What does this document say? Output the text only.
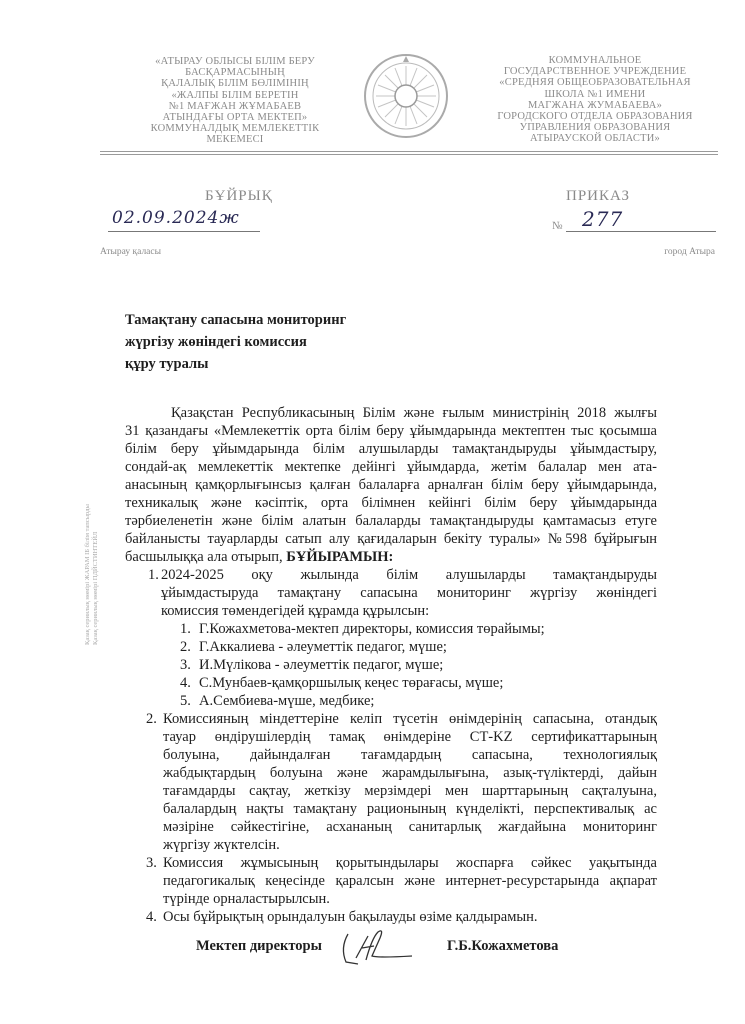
«АТЫРАУ ОБЛЫСЫ БІЛІМ БЕРУ
БАСҚАРМАСЫНЫҢ
ҚАЛАЛЫҚ БІЛІМ БӨЛІМІНІҢ
«ЖАЛПЫ БІЛІМ БЕРЕТІН
№1 МАҒЖАН ЖҰМАБАЕВ
АТЫНДАҒЫ ОРТА МЕКТЕП»
КОММУНАЛДЫҚ МЕМЛЕКЕТТІК
МЕКЕМЕСІ
КОММУНАЛЬНОЕ
ГОСУДАРСТВЕННОЕ УЧРЕЖДЕНИЕ
«СРЕДНЯЯ ОБЩЕОБРАЗОВАТЕЛЬНАЯ
ШКОЛА №1 ИМЕНИ
МАГЖАНА ЖУМАБАЕВА»
ГОРОДСКОГО ОТДЕЛА ОБРАЗОВАНИЯ
УПРАВЛЕНИЯ ОБРАЗОВАНИЯ
АТЫРАУСКОЙ ОБЛАСТИ»
БҰЙРЫҚ	ПРИКАЗ
02.09.2024ж	№ 277
Атырау қаласы	город Атыра
Қазақ сериялық нөмірі ЖАРАМ ІБ білім тапсырды Қазақ сериялық нөмірі ПДЙСТИНТЕЙЛ
Тамақтану сапасына мониторинг
жүргізу жөніндегі комиссия
құру туралы
Қазақстан Республикасының Білім және ғылым министрінің 2018 жылғы
31 қазандағы «Мемлекеттік орта білім беру ұйымдарында мектептен тыс қосымша
білім беру ұйымдарында білім алушыларды тамақтандыруды ұйымдастыру,
сондай-ақ мемлекеттік мектепке дейінгі ұйымдарда, жетім балалар мен ата-
анасының қамқорлығынсыз қалған балаларға арналған білім беру ұйымдарында,
техникалық және кәсіптік, орта білімнен кейінгі білім беру ұйымдарында
тәрбиеленетін және білім алатын балаларды тамақтандыруды қамтамасыз етуге
байланысты тауарларды сатып алу қағидаларын бекіту туралы» №598 бұйрығын
басшылыққа ала отырып, БҰЙЫРАМЫН:
1. 2024-2025 оқу жылында білім алушыларды тамақтандыруды
ұйымдастыруда тамақтану сапасына мониторинг жүргізу жөніндегі
комиссия төмендегідей құрамда құрылсын:
1. Г.Кожахметова-мектеп директоры, комиссия төрайымы;
2. Г.Аккалиева - әлеуметтік педагог, мүше;
3. И.Мүлікова - әлеуметтік педагог, мүше;
4. С.Мунбаев-қамқоршылық кеңес төрағасы, мүше;
5. А.Сембиева-мүше, медбике;
2. Комиссияның міндеттеріне келіп түсетін өнімдерінің сапасына, отандық
тауар өндірушілердің тамақ өнімдеріне СТ-KZ сертификаттарының
болуына, дайындалған тағамдардың сапасына, технологиялық
жабдықтардың болуына және жарамдылығына, азық-түліктерді, дайын
тағамдарды сақтау, жеткізу мерзімдері мен шарттарының сақталуына,
балалардың нақты тамақтану рационының күнделікті, перспективалық ас
мәзіріне сәйкестігіне, асхананың санитарлық жағдайына мониторинг
жүргізу жүктелсін.
3. Комиссия жұмысының қорытындылары жоспарға сәйкес уақытында
педагогикалық кеңесінде қаралсын және интернет-ресурстарында ақпарат
түрінде орналастырылсын.
4. Осы бұйрықтың орындалуын бақылауды өзіме қалдырамын.
Мектеп директоры	Г.Б.Кожахметова
